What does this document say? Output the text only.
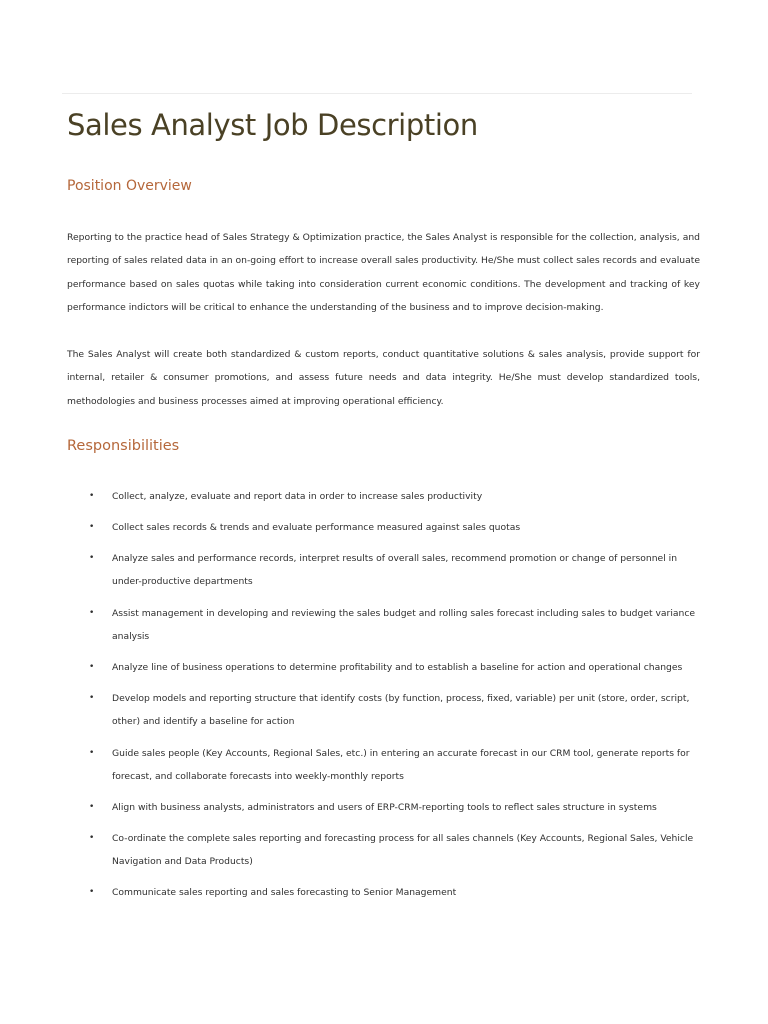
Sales Analyst Job Description
Position Overview

Reporting to the practice head of Sales Strategy & Optimization practice, the Sales Analyst is responsible for the collection, analysis, and reporting of sales related data in an on-going effort to increase overall sales productivity. He/She must collect sales records and evaluate performance based on sales quotas while taking into consideration current economic conditions. The development and tracking of key performance indictors will be critical to enhance the understanding of the business and to improve decision-making.

The Sales Analyst will create both standardized & custom reports, conduct quantitative solutions & sales analysis, provide support for internal, retailer & consumer promotions, and assess future needs and data integrity. He/She must develop standardized tools, methodologies and business processes aimed at improving operational efficiency.

Responsibilities
• Collect, analyze, evaluate and report data in order to increase sales productivity
• Collect sales records & trends and evaluate performance measured against sales quotas
• Analyze sales and performance records, interpret results of overall sales, recommend promotion or change of personnel in under-productive departments
• Assist management in developing and reviewing the sales budget and rolling sales forecast including sales to budget variance analysis
• Analyze line of business operations to determine profitability and to establish a baseline for action and operational changes
• Develop models and reporting structure that identify costs (by function, process, fixed, variable) per unit (store, order, script, other) and identify a baseline for action
• Guide sales people (Key Accounts, Regional Sales, etc.) in entering an accurate forecast in our CRM tool, generate reports for forecast, and collaborate forecasts into weekly-monthly reports
• Align with business analysts, administrators and users of ERP-CRM-reporting tools to reflect sales structure in systems
• Co-ordinate the complete sales reporting and forecasting process for all sales channels (Key Accounts, Regional Sales, Vehicle Navigation and Data Products)
• Communicate sales reporting and sales forecasting to Senior Management
